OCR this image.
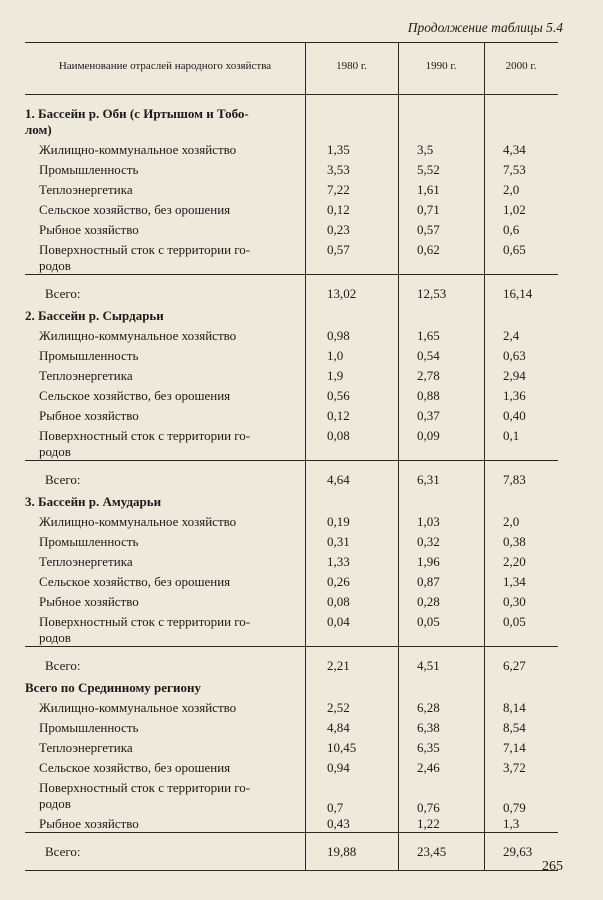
Продолжение таблицы 5.4
Наименование отраслей народного хозяйства	1980 г.	1990 г.	2000 г.
1. Бассейн р. Оби (с Иртышом и Тобо-
лом)
Жилищно-коммунальное хозяйство	1,35	3,5	4,34
Промышленность	3,53	5,52	7,53
Теплоэнергетика	7,22	1,61	2,0
Сельское хозяйство, без орошения	0,12	0,71	1,02
Рыбное хозяйство	0,23	0,57	0,6
Поверхностный сток с территории го-
родов
0,57	0,62	0,65
Всего:	13,02	12,53	16,14
2. Бассейн р. Сырдарьи
Жилищно-коммунальное хозяйство	0,98	1,65	2,4
Промышленность	1,0	0,54	0,63
Теплоэнергетика	1,9	2,78	2,94
Сельское хозяйство, без орошения	0,56	0,88	1,36
Рыбное хозяйство	0,12	0,37	0,40
Поверхностный сток с территории го-
родов
0,08	0,09	0,1
Всего:	4,64	6,31	7,83
3. Бассейн р. Амударьи
Жилищно-коммунальное хозяйство	0,19	1,03	2,0
Промышленность	0,31	0,32	0,38
Теплоэнергетика	1,33	1,96	2,20
Сельское хозяйство, без орошения	0,26	0,87	1,34
Рыбное хозяйство	0,08	0,28	0,30
Поверхностный сток с территории го-
родов
0,04	0,05	0,05
Всего:	2,21	4,51	6,27
Всего по Срединному региону
Жилищно-коммунальное хозяйство	2,52	6,28	8,14
Промышленность	4,84	6,38	8,54
Теплоэнергетика	10,45	6,35	7,14
Сельское хозяйство, без орошения	0,94	2,46	3,72
Поверхностный сток с территории го-
родов	0,7	0,76	0,79
Рыбное хозяйство	0,43	1,22	1,3
Всего:	19,88	23,45	29,63
265
